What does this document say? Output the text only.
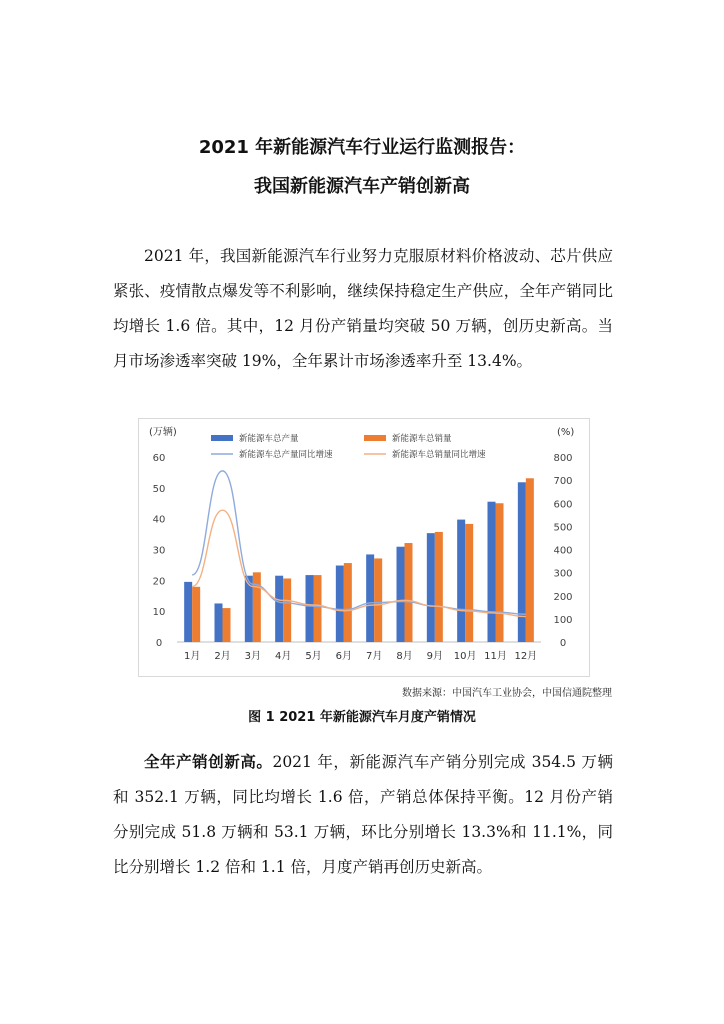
2021 年新能源汽车行业运行监测报告：
我国新能源汽车产销创新高

2021 年，我国新能源汽车行业努力克服原材料价格波动、芯片供应紧张、疫情散点爆发等不利影响，继续保持稳定生产供应，全年产销同比均增长 1.6 倍。其中，12 月份产销量均突破 50 万辆，创历史新高。当月市场渗透率突破 19%，全年累计市场渗透率升至 13.4%。

(万辆)	(%)
新能源车总产量	新能源车总销量
新能源车总产量同比增速	新能源车总销量同比增速
0
10
20
30
40
50
60
0
100
200
300
400
500
600
700
800
1月 2月 3月 4月 5月 6月 7月 8月 9月 10月 11月 12月
数据来源：中国汽车工业协会，中国信通院整理
图 1 2021 年新能源汽车月度产销情况

全年产销创新高。2021 年，新能源汽车产销分别完成 354.5 万辆和 352.1 万辆，同比均增长 1.6 倍，产销总体保持平衡。12 月份产销分别完成 51.8 万辆和 53.1 万辆，环比分别增长 13.3%和 11.1%，同比分别增长 1.2 倍和 1.1 倍，月度产销再创历史新高。
